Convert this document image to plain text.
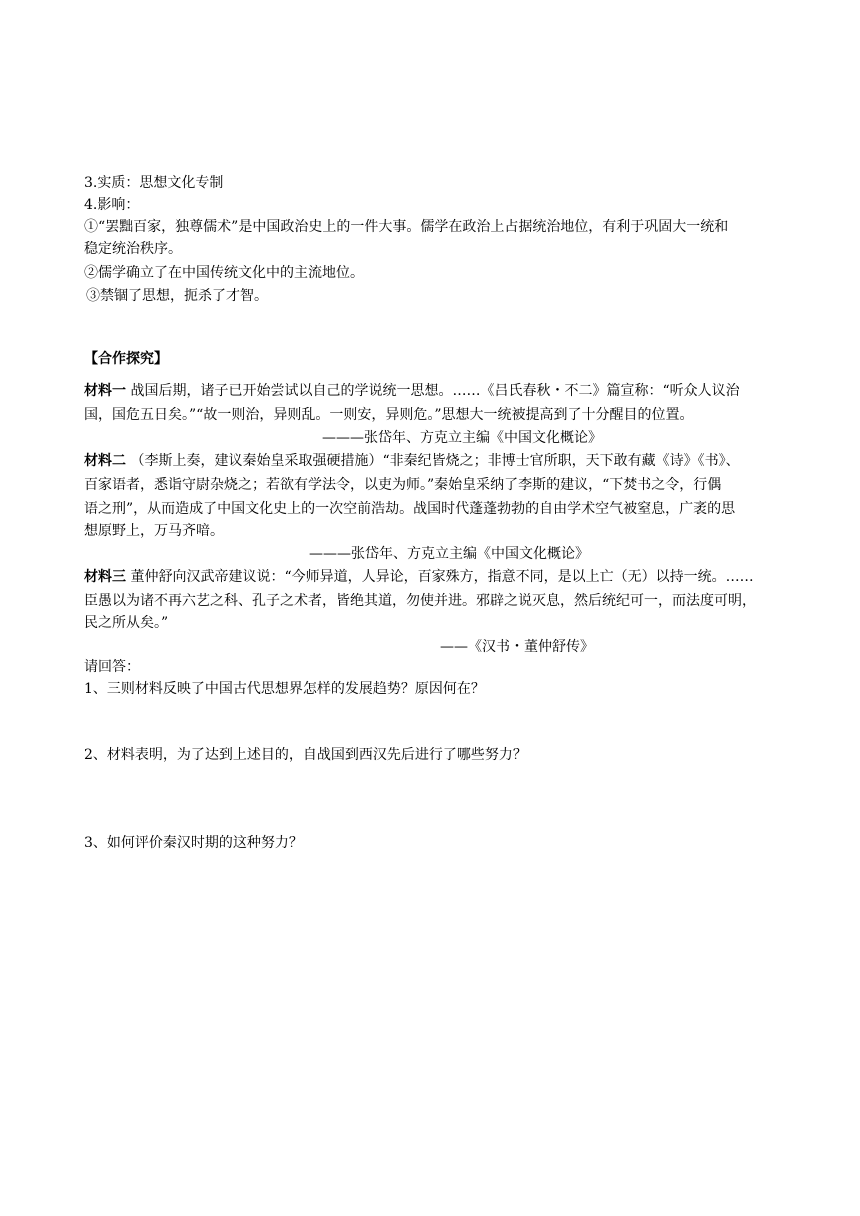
3.实质：思想文化专制
4.影响：
①“罢黜百家，独尊儒术”是中国政治史上的一件大事。儒学在政治上占据统治地位，有利于巩固大一统和
稳定统治秩序。
②儒学确立了在中国传统文化中的主流地位。
③禁锢了思想，扼杀了才智。
【合作探究】
材料一 战国后期，诸子已开始尝试以自己的学说统一思想。……《吕氏春秋・不二》篇宣称：“听众人议治
国，国危五日矣。”“故一则治，异则乱。一则安，异则危。”思想大一统被提高到了十分醒目的位置。
———张岱年、方克立主编《中国文化概论》
材料二 （李斯上奏，建议秦始皇采取强硬措施）“非秦纪皆烧之；非博士官所职，天下敢有藏《诗》《书》、
百家语者，悉诣守尉杂烧之；若欲有学法令，以吏为师。”秦始皇采纳了李斯的建议，“下焚书之令，行偶
语之刑”，从而造成了中国文化史上的一次空前浩劫。战国时代蓬蓬勃勃的自由学术空气被窒息，广袤的思
想原野上，万马齐喑。
———张岱年、方克立主编《中国文化概论》
材料三 董仲舒向汉武帝建议说：“今师异道，人异论，百家殊方，指意不同，是以上亡（无）以持一统。……
臣愚以为诸不再六艺之科、孔子之术者，皆绝其道，勿使并进。邪辟之说灭息，然后统纪可一，而法度可明，
民之所从矣。”
——《汉书・董仲舒传》
请回答：
1、三则材料反映了中国古代思想界怎样的发展趋势？原因何在？
2、材料表明，为了达到上述目的，自战国到西汉先后进行了哪些努力？
3、如何评价秦汉时期的这种努力？
